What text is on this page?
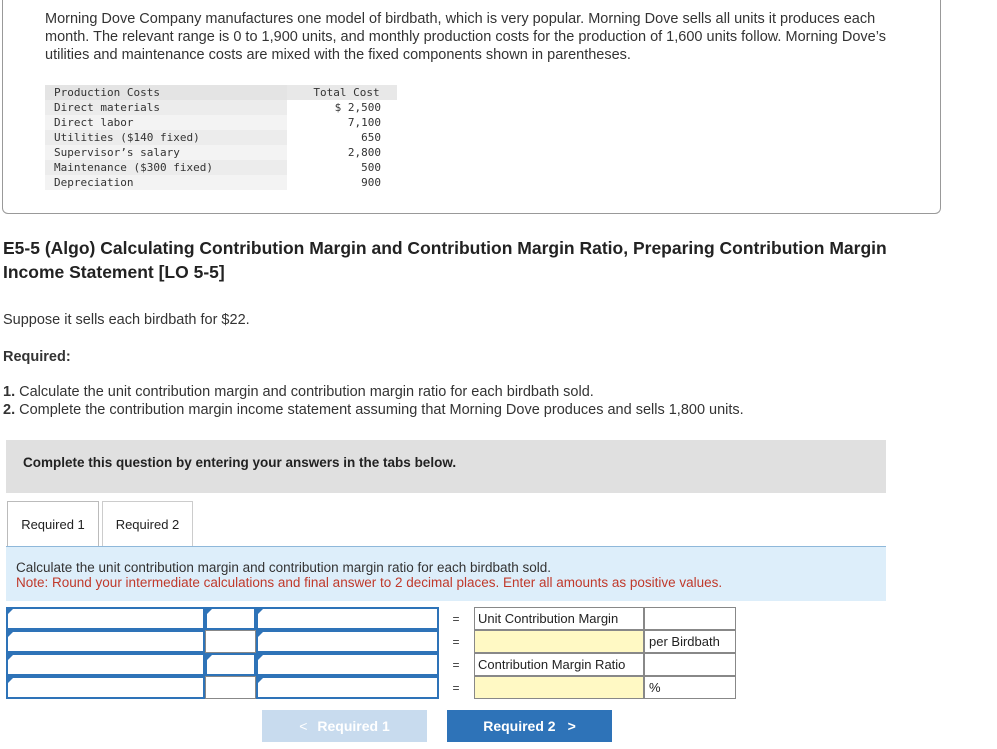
Morning Dove Company manufactures one model of birdbath, which is very popular. Morning Dove sells all units it produces each month. The relevant range is 0 to 1,900 units, and monthly production costs for the production of 1,600 units follow. Morning Dove’s utilities and maintenance costs are mixed with the fixed components shown in parentheses.
Production Costs	Total Cost
Direct materials	$ 2,500
Direct labor	7,100
Utilities ($140 fixed)	650
Supervisor’s salary	2,800
Maintenance ($300 fixed)	500
Depreciation	900
E5-5 (Algo) Calculating Contribution Margin and Contribution Margin Ratio, Preparing Contribution Margin Income Statement [LO 5-5]
Suppose it sells each birdbath for $22.
Required:
1. Calculate the unit contribution margin and contribution margin ratio for each birdbath sold.
2. Complete the contribution margin income statement assuming that Morning Dove produces and sells 1,800 units.
Complete this question by entering your answers in the tabs below.
Required 1	Required 2
Calculate the unit contribution margin and contribution margin ratio for each birdbath sold.
Note: Round your intermediate calculations and final answer to 2 decimal places. Enter all amounts as positive values.
=	Unit Contribution Margin
=	per Birdbath
=	Contribution Margin Ratio
=	%
< Required 1	Required 2 >
